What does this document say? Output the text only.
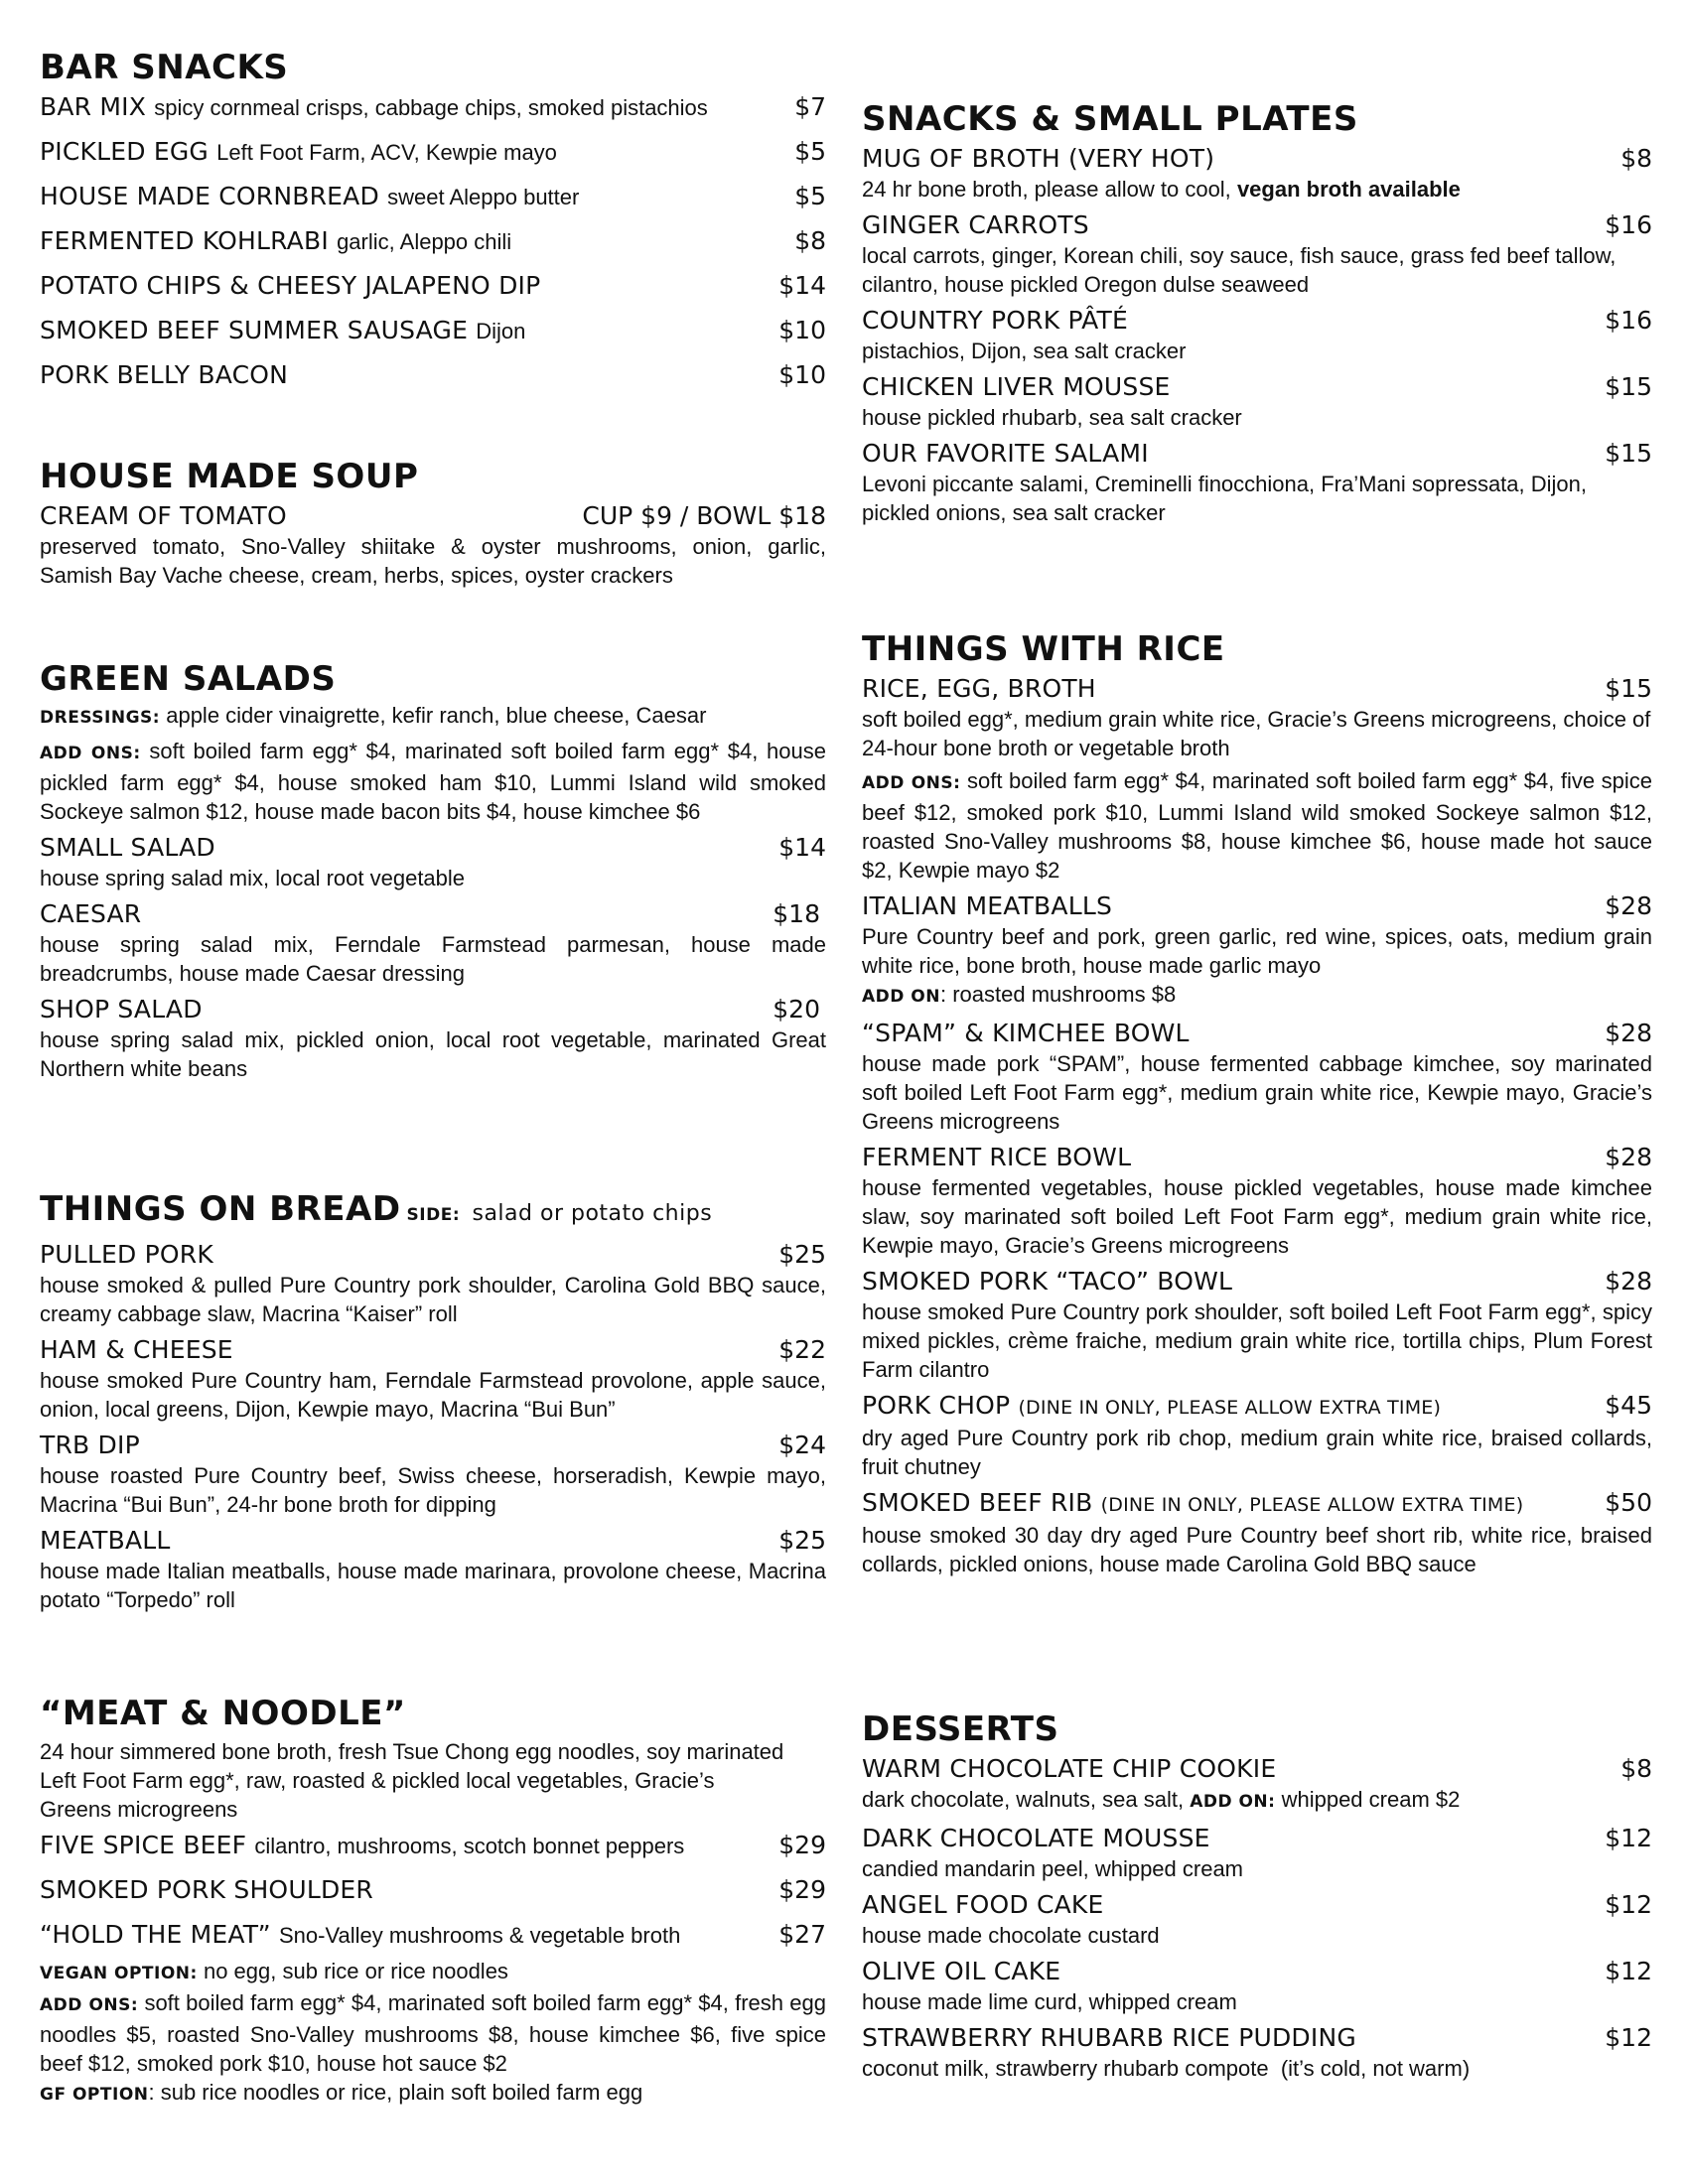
BAR SNACKS
BAR MIX spicy cornmeal crisps, cabbage chips, smoked pistachios	$7
PICKLED EGG Left Foot Farm, ACV, Kewpie mayo	$5
HOUSE MADE CORNBREAD sweet Aleppo butter	$5
FERMENTED KOHLRABI garlic, Aleppo chili	$8
POTATO CHIPS & CHEESY JALAPENO DIP	$14
SMOKED BEEF SUMMER SAUSAGE Dijon	$10
PORK BELLY BACON	$10
HOUSE MADE SOUP
CREAM OF TOMATO	CUP $9 / BOWL $18
preserved tomato, Sno-Valley shiitake & oyster mushrooms, onion, garlic, Samish Bay Vache cheese, cream, herbs, spices, oyster crackers
GREEN SALADS
DRESSINGS: apple cider vinaigrette, kefir ranch, blue cheese, Caesar
ADD ONS: soft boiled farm egg* $4, marinated soft boiled farm egg* $4, house pickled farm egg* $4, house smoked ham $10, Lummi Island wild smoked Sockeye salmon $12, house made bacon bits $4, house kimchee $6
SMALL SALAD	$14
house spring salad mix, local root vegetable
CAESAR	$18
house spring salad mix, Ferndale Farmstead parmesan, house made breadcrumbs, house made Caesar dressing
SHOP SALAD	$20
house spring salad mix, pickled onion, local root vegetable, marinated Great Northern white beans
THINGS ON BREAD SIDE: salad or potato chips
PULLED PORK	$25
house smoked & pulled Pure Country pork shoulder, Carolina Gold BBQ sauce, creamy cabbage slaw, Macrina “Kaiser” roll
HAM & CHEESE	$22
house smoked Pure Country ham, Ferndale Farmstead provolone, apple sauce, onion, local greens, Dijon, Kewpie mayo, Macrina “Bui Bun”
TRB DIP	$24
house roasted Pure Country beef, Swiss cheese, horseradish, Kewpie mayo, Macrina “Bui Bun”, 24-hr bone broth for dipping
MEATBALL	$25
house made Italian meatballs, house made marinara, provolone cheese, Macrina potato “Torpedo” roll
“MEAT & NOODLE”
24 hour simmered bone broth, fresh Tsue Chong egg noodles, soy marinated Left Foot Farm egg*, raw, roasted & pickled local vegetables, Gracie’s Greens microgreens
FIVE SPICE BEEF cilantro, mushrooms, scotch bonnet peppers	$29
SMOKED PORK SHOULDER	$29
“HOLD THE MEAT” Sno-Valley mushrooms & vegetable broth	$27
VEGAN OPTION: no egg, sub rice or rice noodles
ADD ONS: soft boiled farm egg* $4, marinated soft boiled farm egg* $4, fresh egg noodles $5, roasted Sno-Valley mushrooms $8, house kimchee $6, five spice beef $12, smoked pork $10, house hot sauce $2
GF OPTION: sub rice noodles or rice, plain soft boiled farm egg
SNACKS & SMALL PLATES
MUG OF BROTH (VERY HOT)	$8
24 hr bone broth, please allow to cool, vegan broth available
GINGER CARROTS	$16
local carrots, ginger, Korean chili, soy sauce, fish sauce, grass fed beef tallow, cilantro, house pickled Oregon dulse seaweed
COUNTRY PORK PÂTÉ	$16
pistachios, Dijon, sea salt cracker
CHICKEN LIVER MOUSSE	$15
house pickled rhubarb, sea salt cracker
OUR FAVORITE SALAMI	$15
Levoni piccante salami, Creminelli finocchiona, Fra’Mani sopressata, Dijon, pickled onions, sea salt cracker
THINGS WITH RICE
RICE, EGG, BROTH	$15
soft boiled egg*, medium grain white rice, Gracie’s Greens microgreens, choice of 24-hour bone broth or vegetable broth
ADD ONS: soft boiled farm egg* $4, marinated soft boiled farm egg* $4, five spice beef $12, smoked pork $10, Lummi Island wild smoked Sockeye salmon $12, roasted Sno-Valley mushrooms $8, house kimchee $6, house made hot sauce $2, Kewpie mayo $2
ITALIAN MEATBALLS	$28
Pure Country beef and pork, green garlic, red wine, spices, oats, medium grain white rice, bone broth, house made garlic mayo
ADD ON: roasted mushrooms $8
“SPAM” & KIMCHEE BOWL	$28
house made pork “SPAM”, house fermented cabbage kimchee, soy marinated soft boiled Left Foot Farm egg*, medium grain white rice, Kewpie mayo, Gracie’s Greens microgreens
FERMENT RICE BOWL	$28
house fermented vegetables, house pickled vegetables, house made kimchee slaw, soy marinated soft boiled Left Foot Farm egg*, medium grain white rice, Kewpie mayo, Gracie’s Greens microgreens
SMOKED PORK “TACO” BOWL	$28
house smoked Pure Country pork shoulder, soft boiled Left Foot Farm egg*, spicy mixed pickles, crème fraiche, medium grain white rice, tortilla chips, Plum Forest Farm cilantro
PORK CHOP (DINE IN ONLY, PLEASE ALLOW EXTRA TIME)	$45
dry aged Pure Country pork rib chop, medium grain white rice, braised collards, fruit chutney
SMOKED BEEF RIB (DINE IN ONLY, PLEASE ALLOW EXTRA TIME)	$50
house smoked 30 day dry aged Pure Country beef short rib, white rice, braised collards, pickled onions, house made Carolina Gold BBQ sauce
DESSERTS
WARM CHOCOLATE CHIP COOKIE	$8
dark chocolate, walnuts, sea salt, ADD ON: whipped cream $2
DARK CHOCOLATE MOUSSE	$12
candied mandarin peel, whipped cream
ANGEL FOOD CAKE	$12
house made chocolate custard
OLIVE OIL CAKE	$12
house made lime curd, whipped cream
STRAWBERRY RHUBARB RICE PUDDING	$12
coconut milk, strawberry rhubarb compote  (it’s cold, not warm)
